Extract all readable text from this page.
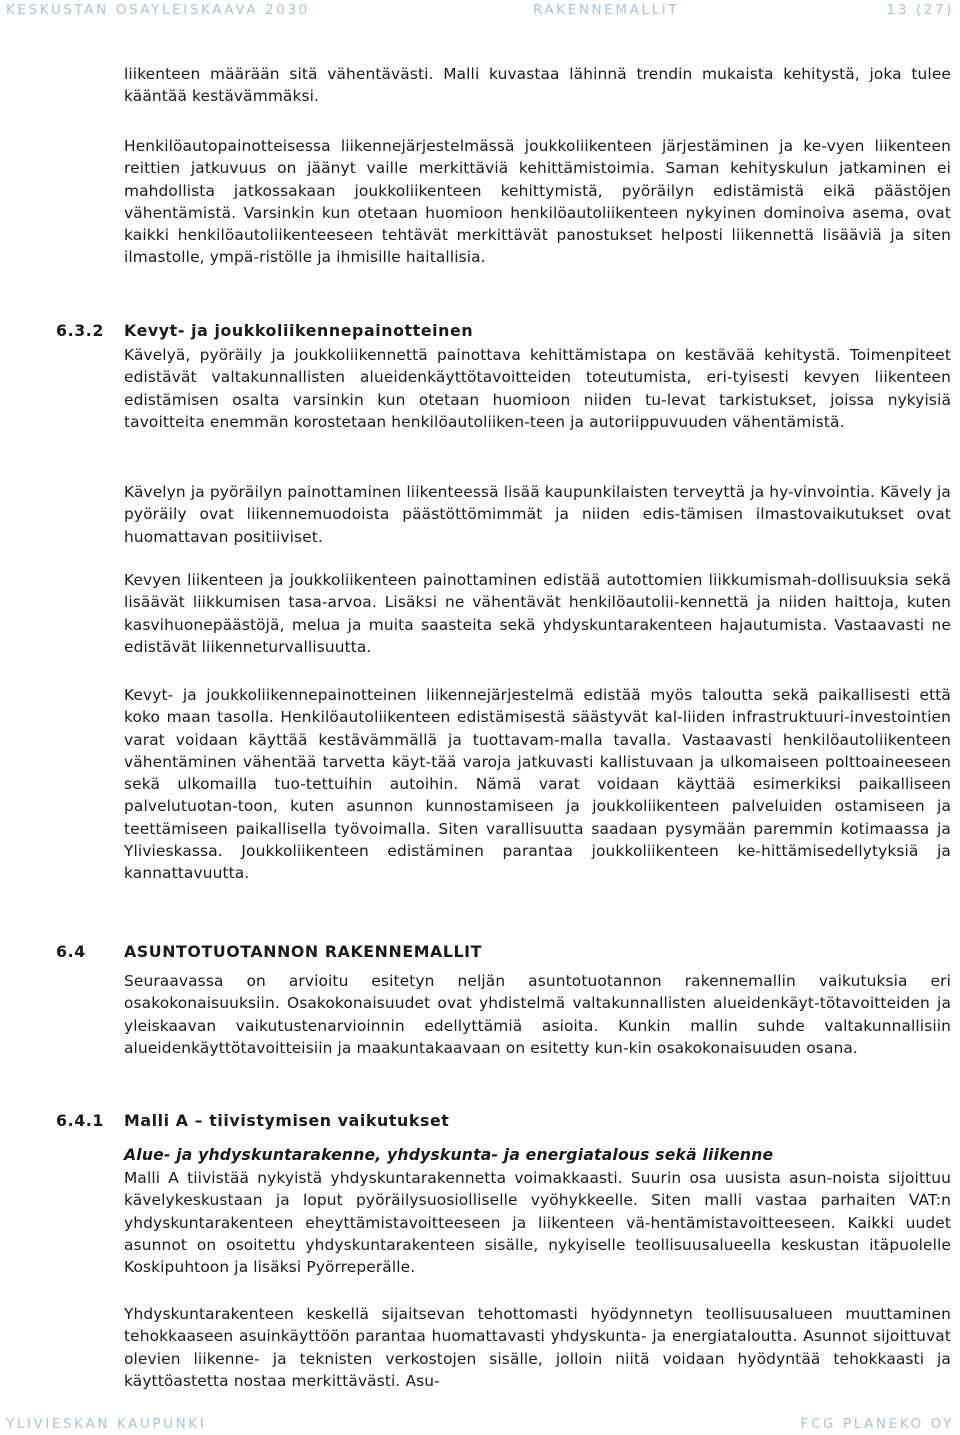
KESKUSTAN OSAYLEISKAAVA 2030	RAKENNEMALLIT	13 (27)
liikenteen määrään sitä vähentävästi. Malli kuvastaa lähinnä trendin mukaista kehitystä, joka tulee kääntää kestävämmäksi.
Henkilöautopainotteisessa liikennejärjestelmässä joukkoliikenteen järjestäminen ja ke-vyen liikenteen reittien jatkuvuus on jäänyt vaille merkittäviä kehittämistoimia. Saman kehityskulun jatkaminen ei mahdollista jatkossakaan joukkoliikenteen kehittymistä, pyöräilyn edistämistä eikä päästöjen vähentämistä. Varsinkin kun otetaan huomioon henkilöautoliikenteen nykyinen dominoiva asema, ovat kaikki henkilöautoliikenteeseen tehtävät merkittävät panostukset helposti liikennettä lisääviä ja siten ilmastolle, ympä-ristölle ja ihmisille haitallisia.
6.3.2 Kevyt- ja joukkoliikennepainotteinen
Kävelyä, pyöräily ja joukkoliikennettä painottava kehittämistapa on kestävää kehitystä. Toimenpiteet edistävät valtakunnallisten alueidenkäyttötavoitteiden toteutumista, eri-tyisesti kevyen liikenteen edistämisen osalta varsinkin kun otetaan huomioon niiden tu-levat tarkistukset, joissa nykyisiä tavoitteita enemmän korostetaan henkilöautoliiken-teen ja autoriippuvuuden vähentämistä.
Kävelyn ja pyöräilyn painottaminen liikenteessä lisää kaupunkilaisten terveyttä ja hy-vinvointia. Kävely ja pyöräily ovat liikennemuodoista päästöttömimmät ja niiden edis-tämisen ilmastovaikutukset ovat huomattavan positiiviset.
Kevyen liikenteen ja joukkoliikenteen painottaminen edistää autottomien liikkumismah-dollisuuksia sekä lisäävät liikkumisen tasa-arvoa. Lisäksi ne vähentävät henkilöautolii-kennettä ja niiden haittoja, kuten kasvihuonepäästöjä, melua ja muita saasteita sekä yhdyskuntarakenteen hajautumista. Vastaavasti ne edistävät liikenneturvallisuutta.
Kevyt- ja joukkoliikennepainotteinen liikennejärjestelmä edistää myös taloutta sekä paikallisesti että koko maan tasolla. Henkilöautoliikenteen edistämisestä säästyvät kal-liiden infrastruktuuri-investointien varat voidaan käyttää kestävämmällä ja tuottavam-malla tavalla. Vastaavasti henkilöautoliikenteen vähentäminen vähentää tarvetta käyt-tää varoja jatkuvasti kallistuvaan ja ulkomaiseen polttoaineeseen sekä ulkomailla tuo-tettuihin autoihin. Nämä varat voidaan käyttää esimerkiksi paikalliseen palvelutuotan-toon, kuten asunnon kunnostamiseen ja joukkoliikenteen palveluiden ostamiseen ja teettämiseen paikallisella työvoimalla. Siten varallisuutta saadaan pysymään paremmin kotimaassa ja Ylivieskassa. Joukkoliikenteen edistäminen parantaa joukkoliikenteen ke-hittämisedellytyksiä ja kannattavuutta.
6.4 ASUNTOTUOTANNON RAKENNEMALLIT
Seuraavassa on arvioitu esitetyn neljän asuntotuotannon rakennemallin vaikutuksia eri osakokonaisuuksiin. Osakokonaisuudet ovat yhdistelmä valtakunnallisten alueidenkäyt-tötavoitteiden ja yleiskaavan vaikutustenarvioinnin edellyttämiä asioita. Kunkin mallin suhde valtakunnallisiin alueidenkäyttötavoitteisiin ja maakuntakaavaan on esitetty kun-kin osakokonaisuuden osana.
6.4.1 Malli A – tiivistymisen vaikutukset
Alue- ja yhdyskuntarakenne, yhdyskunta- ja energiatalous sekä liikenne
Malli A tiivistää nykyistä yhdyskuntarakennetta voimakkaasti. Suurin osa uusista asun-noista sijoittuu kävelykeskustaan ja loput pyöräilysuosiolliselle vyöhykkeelle. Siten malli vastaa parhaiten VAT:n yhdyskuntarakenteen eheyttämistavoitteeseen ja liikenteen vä-hentämistavoitteeseen. Kaikki uudet asunnot on osoitettu yhdyskuntarakenteen sisälle, nykyiselle teollisuusalueella keskustan itäpuolelle Koskipuhtoon ja lisäksi Pyörreperälle.
Yhdyskuntarakenteen keskellä sijaitsevan tehottomasti hyödynnetyn teollisuusalueen muuttaminen tehokkaaseen asuinkäyttöön parantaa huomattavasti yhdyskunta- ja energiataloutta. Asunnot sijoittuvat olevien liikenne- ja teknisten verkostojen sisälle, jolloin niitä voidaan hyödyntää tehokkaasti ja käyttöastetta nostaa merkittävästi. Asu-
YLIVIESKAN KAUPUNKI	FCG PLANEKO OY
